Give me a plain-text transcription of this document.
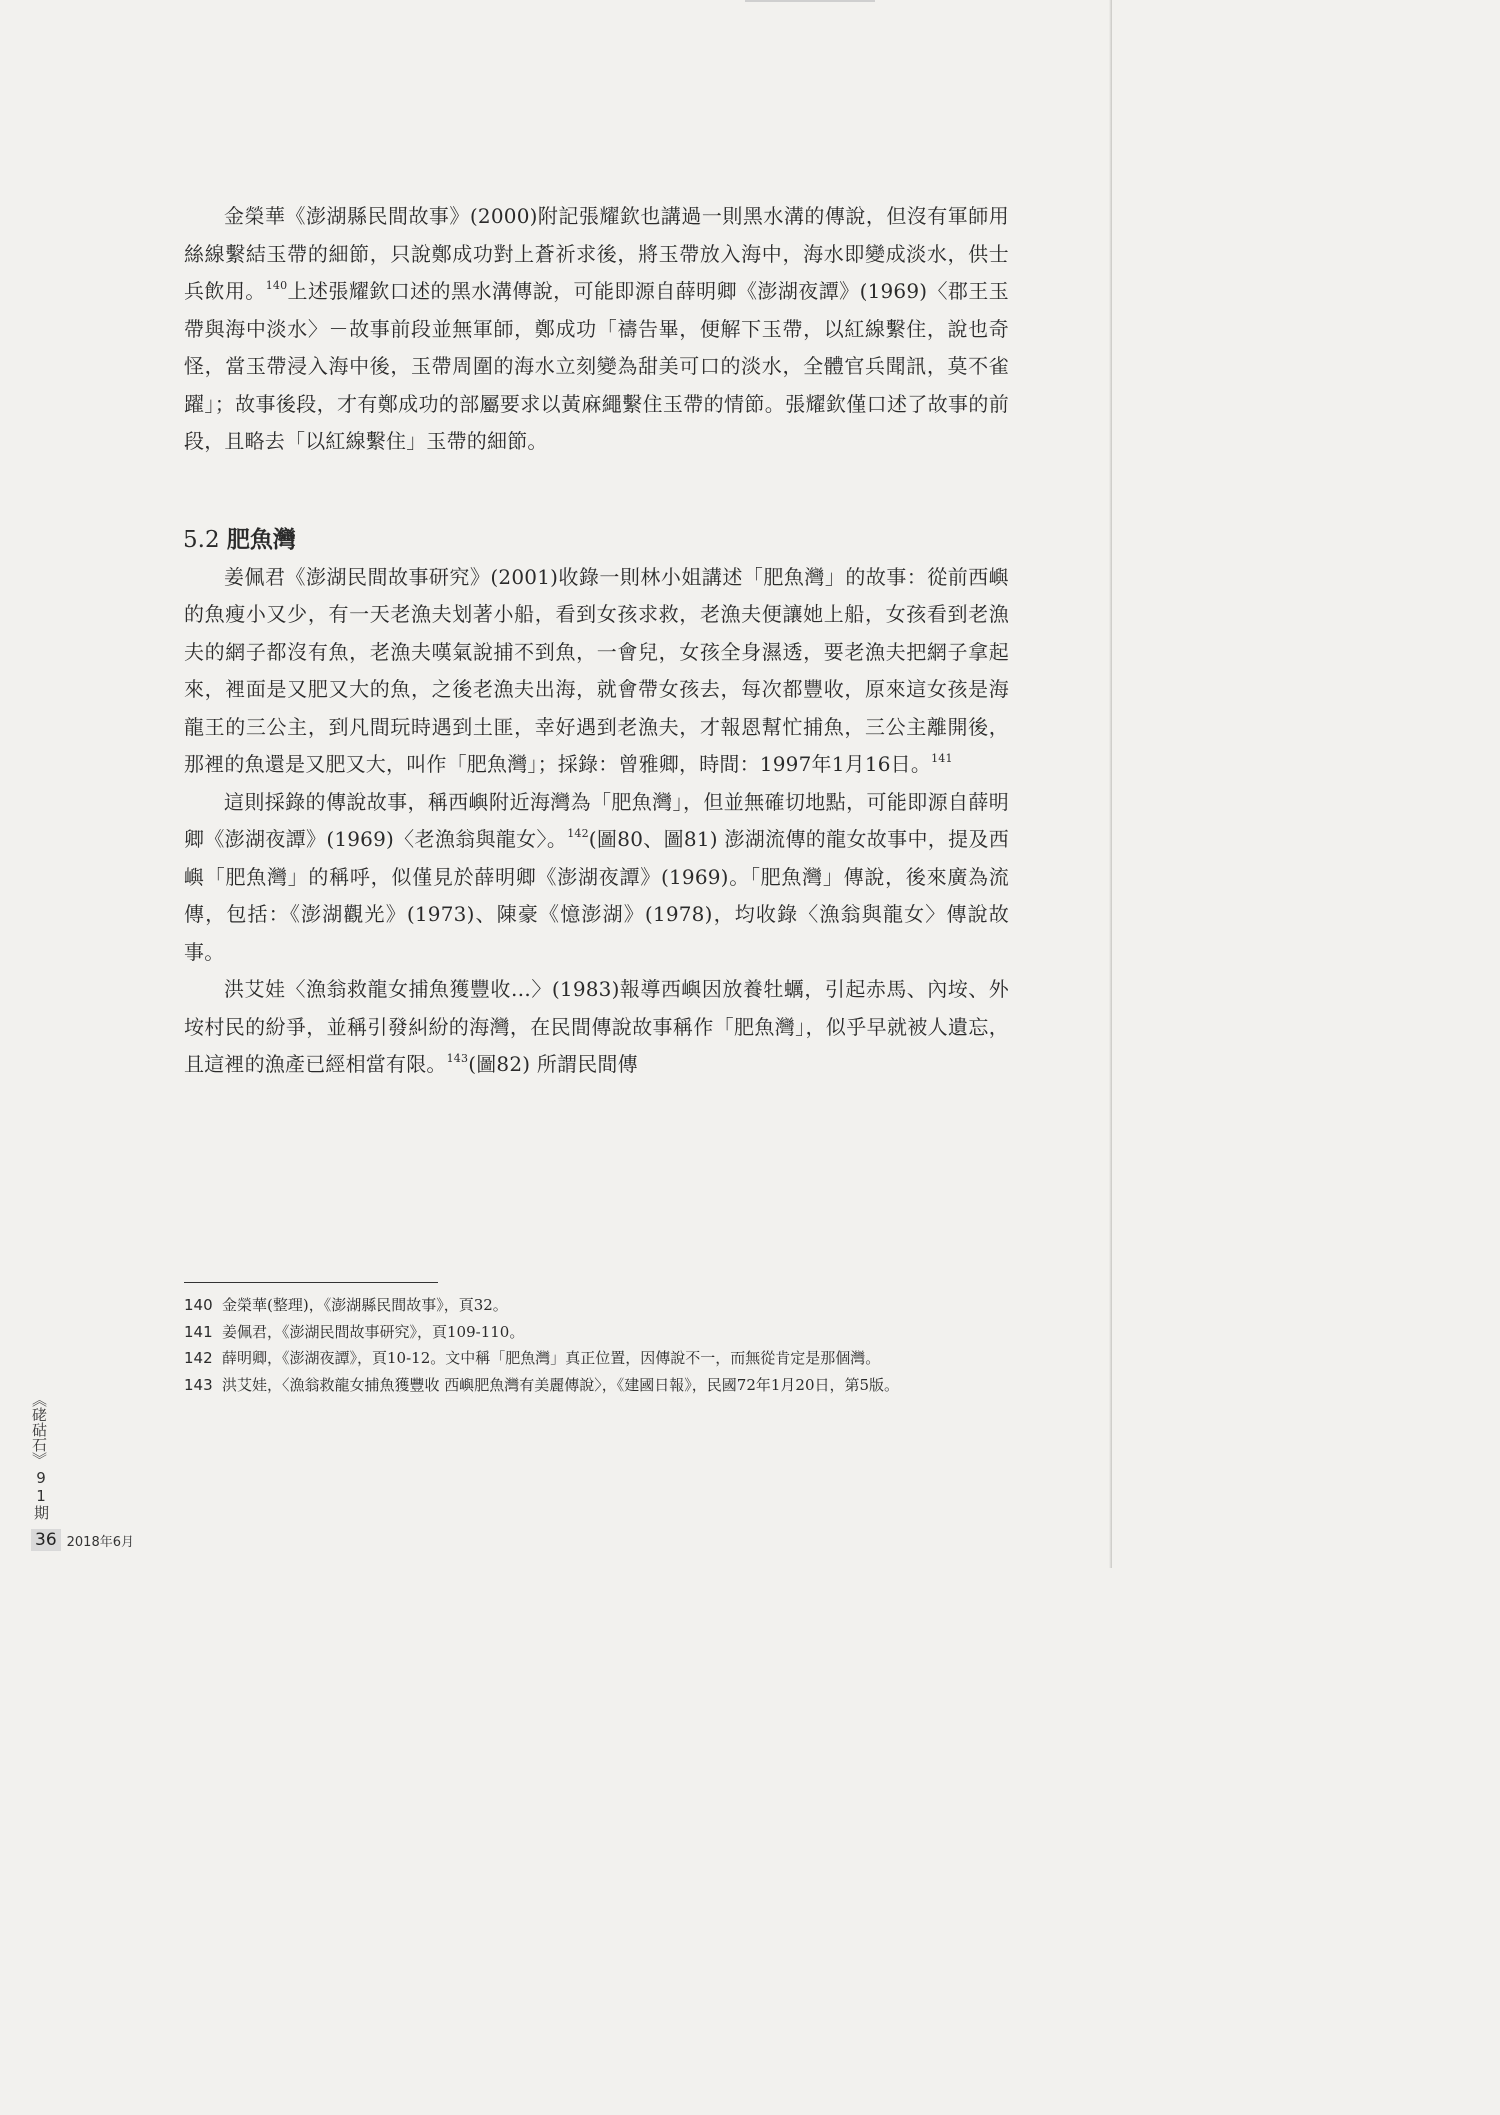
金榮華《澎湖縣民間故事》(2000)附記張耀欽也講過一則黑水溝的傳說，但沒有軍師用絲線繫結玉帶的細節，只說鄭成功對上蒼祈求後，將玉帶放入海中，海水即變成淡水，供士兵飲用。$^{140}$上述張耀欽口述的黑水溝傳說，可能即源自薛明卿《澎湖夜譚》(1969)〈郡王玉帶與海中淡水〉－故事前段並無軍師，鄭成功「禱告畢，便解下玉帶，以紅線繫住，說也奇怪，當玉帶浸入海中後，玉帶周圍的海水立刻變為甜美可口的淡水，全體官兵聞訊，莫不雀躍」；故事後段，才有鄭成功的部屬要求以黃麻繩繫住玉帶的情節。張耀欽僅口述了故事的前段，且略去「以紅線繫住」玉帶的細節。

5.2 肥魚灣

姜佩君《澎湖民間故事研究》(2001)收錄一則林小姐講述「肥魚灣」的故事：從前西嶼的魚瘦小又少，有一天老漁夫划著小船，看到女孩求救，老漁夫便讓她上船，女孩看到老漁夫的網子都沒有魚，老漁夫嘆氣說捕不到魚，一會兒，女孩全身濕透，要老漁夫把網子拿起來，裡面是又肥又大的魚，之後老漁夫出海，就會帶女孩去，每次都豐收，原來這女孩是海龍王的三公主，到凡間玩時遇到土匪，幸好遇到老漁夫，才報恩幫忙捕魚，三公主離開後，那裡的魚還是又肥又大，叫作「肥魚灣」；採錄：曾雅卿，時間：1997年1月16日。$^{141}$

這則採錄的傳說故事，稱西嶼附近海灣為「肥魚灣」，但並無確切地點，可能即源自薛明卿《澎湖夜譚》(1969)〈老漁翁與龍女〉。$^{142}$(圖80、圖81) 澎湖流傳的龍女故事中，提及西嶼「肥魚灣」的稱呼，似僅見於薛明卿《澎湖夜譚》(1969)。「肥魚灣」傳說，後來廣為流傳，包括：《澎湖觀光》(1973)、陳豪《憶澎湖》(1978)，均收錄〈漁翁與龍女〉傳說故事。

洪艾娃〈漁翁救龍女捕魚獲豐收…〉(1983)報導西嶼因放養牡蠣，引起赤馬、內垵、外垵村民的紛爭，並稱引發糾紛的海灣，在民間傳說故事稱作「肥魚灣」，似乎早就被人遺忘，且這裡的漁產已經相當有限。$^{143}$(圖82) 所謂民間傳

140 金榮華(整理)，《澎湖縣民間故事》，頁32。
141 姜佩君，《澎湖民間故事研究》，頁109-110。
142 薛明卿，《澎湖夜譚》，頁10-12。文中稱「肥魚灣」真正位置，因傳說不一，而無從肯定是那個灣。
143 洪艾娃，〈漁翁救龍女捕魚獲豐收 西嶼肥魚灣有美麗傳說〉，《建國日報》，民國72年1月20日，第5版。
《硓𥑮石》
91期
36 2018年6月
